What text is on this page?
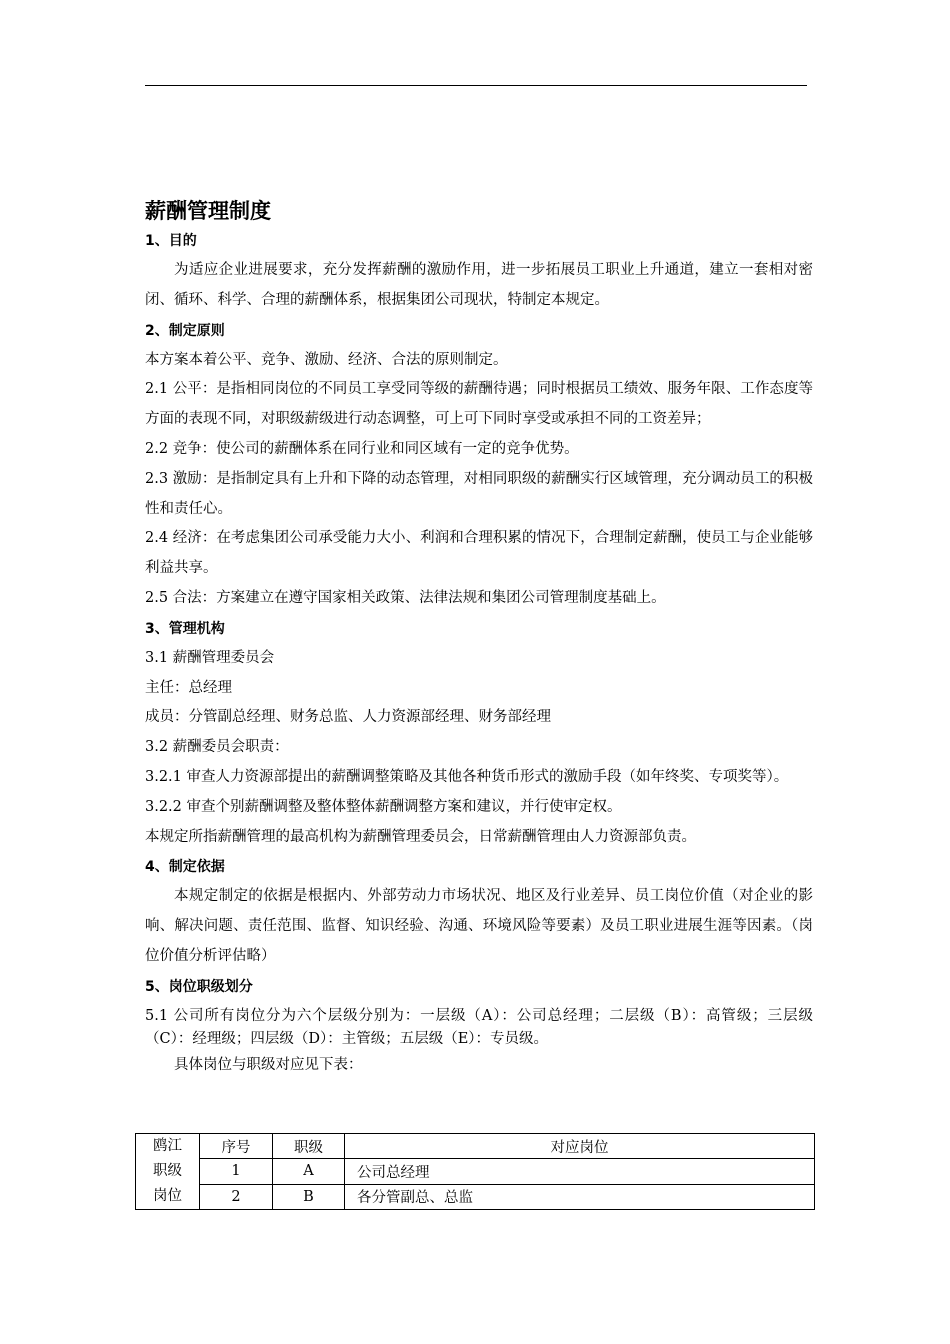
薪酬管理制度
1、目的
为适应企业进展要求，充分发挥薪酬的激励作用，进一步拓展员工职业上升通道，建立一套相对密闭、循环、科学、合理的薪酬体系，根据集团公司现状，特制定本规定。
2、制定原则
本方案本着公平、竞争、激励、经济、合法的原则制定。
2.1 公平：是指相同岗位的不同员工享受同等级的薪酬待遇；同时根据员工绩效、服务年限、工作态度等方面的表现不同，对职级薪级进行动态调整，可上可下同时享受或承担不同的工资差异；
2.2 竞争：使公司的薪酬体系在同行业和同区域有一定的竞争优势。
2.3 激励：是指制定具有上升和下降的动态管理，对相同职级的薪酬实行区域管理，充分调动员工的积极性和责任心。
2.4 经济：在考虑集团公司承受能力大小、利润和合理积累的情况下，合理制定薪酬，使员工与企业能够利益共享。
2.5 合法：方案建立在遵守国家相关政策、法律法规和集团公司管理制度基础上。
3、管理机构
3.1 薪酬管理委员会
主任：总经理
成员：分管副总经理、财务总监、人力资源部经理、财务部经理
3.2 薪酬委员会职责：
3.2.1 审查人力资源部提出的薪酬调整策略及其他各种货币形式的激励手段（如年终奖、专项奖等）。
3.2.2 审查个别薪酬调整及整体整体薪酬调整方案和建议，并行使审定权。
本规定所指薪酬管理的最高机构为薪酬管理委员会，日常薪酬管理由人力资源部负责。
4、制定依据
本规定制定的依据是根据内、外部劳动力市场状况、地区及行业差异、员工岗位价值（对企业的影响、解决问题、责任范围、监督、知识经验、沟通、环境风险等要素）及员工职业进展生涯等因素。（岗位价值分析评估略）
5、岗位职级划分
5.1 公司所有岗位分为六个层级分别为：一层级（A）：公司总经理；二层级（B）：高管级；三层级（C）：经理级；四层级（D）：主管级；五层级（E）：专员级。
具体岗位与职级对应见下表：
鸥江
职级
岗位	序号	职级	对应岗位
	1	A	公司总经理
	2	B	各分管副总、总监
